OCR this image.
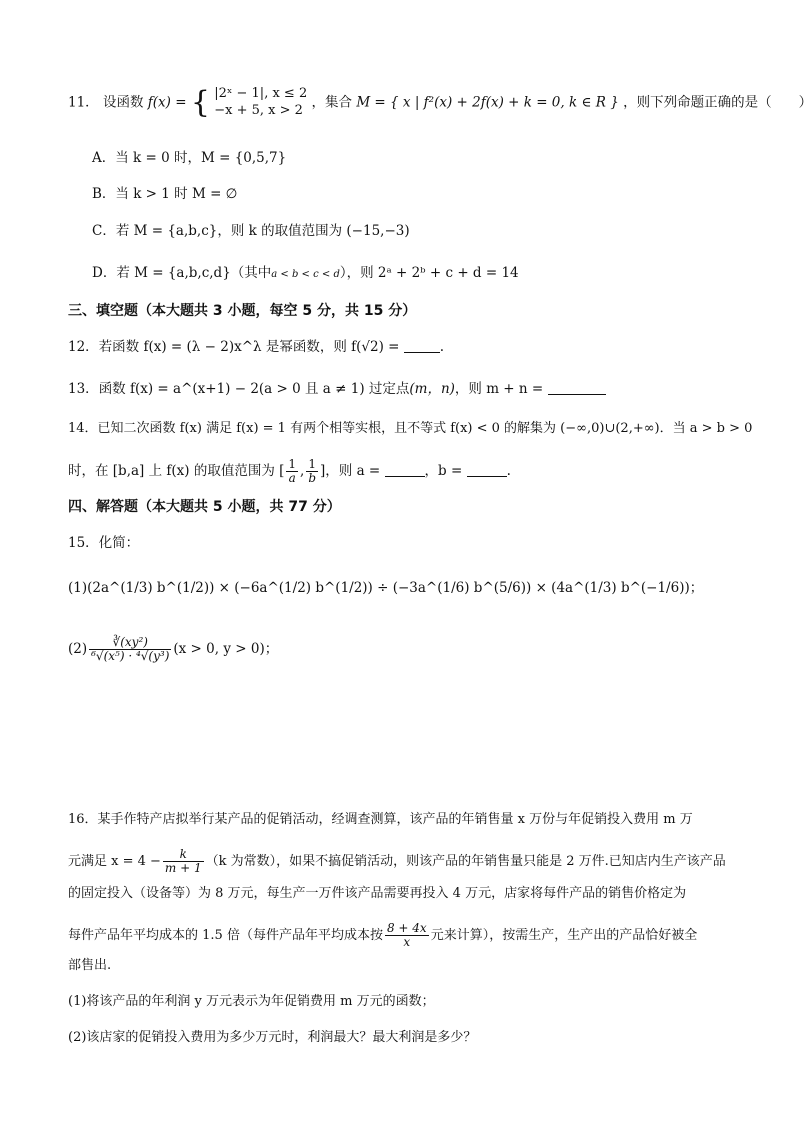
11． 设函数 f(x) = { |2ˣ − 1|, x ≤ 2
−x + 5, x > 2 ，集合 M = { x | f²(x) + 2f(x) + k = 0, k ∈ R } ，则下列命题正确的是（　　）
A．当 k = 0 时，M = {0,5,7}
B．当 k > 1 时 M = ∅
C．若 M = {a,b,c}，则 k 的取值范围为 (−15,−3)
D．若 M = {a,b,c,d}（其中a < b < c < d），则 2ᵃ + 2ᵇ + c + d = 14
三、填空题（本大题共 3 小题，每空 5 分，共 15 分）
12．若函数 f(x) = (λ − 2)x^λ 是幂函数，则 f(√2) =	.
13．函数 f(x) = a^(x+1) − 2(a > 0 且 a ≠ 1) 过定点(m，n)，则 m + n =
14．已知二次函数 f(x) 满足 f(x) = 1 有两个相等实根，且不等式 f(x) < 0 的解集为 (−∞,0)∪(2,+∞)．当 a > b > 0
时，在 [b,a] 上 f(x) 的取值范围为 [ $\frac{1}{a}$ , $\frac{1}{b}$ ]，则 a =	，b =	.
四、解答题（本大题共 5 小题，共 77 分）
15．化简：
(1)(2a^(1/3) b^(1/2)) × (−6a^(1/2) b^(1/2)) ÷ (−3a^(1/6) b^(5/6)) × (4a^(1/3) b^(−1/6))；
$(2) \frac{\text{∛(xy²)}}{\text{⁶√(x⁵) · ⁴√(y³)}} (x > 0$, y > 0)；
16．某手作特产店拟举行某产品的促销活动，经调查测算，该产品的年销售量 x 万份与年促销投入费用 m 万
元满足 $x = 4 - \frac{k}{m + 1} (k$ 为常数），如果不搞促销活动，则该产品的年销售量只能是 2 万件.已知店内生产该产品
的固定投入（设备等）为 8 万元，每生产一万件该产品需要再投入 4 万元，店家将每件产品的销售价格定为
每件产品年平均成本的 1.5 倍（每件产品年平均成本按 $\frac{8 + 4x}{x}$ 元来计算），按需生产，生产出的产品恰好被全
部售出.
(1)将该产品的年利润 y 万元表示为年促销费用 m 万元的函数；
(2)该店家的促销投入费用为多少万元时，利润最大？最大利润是多少？
